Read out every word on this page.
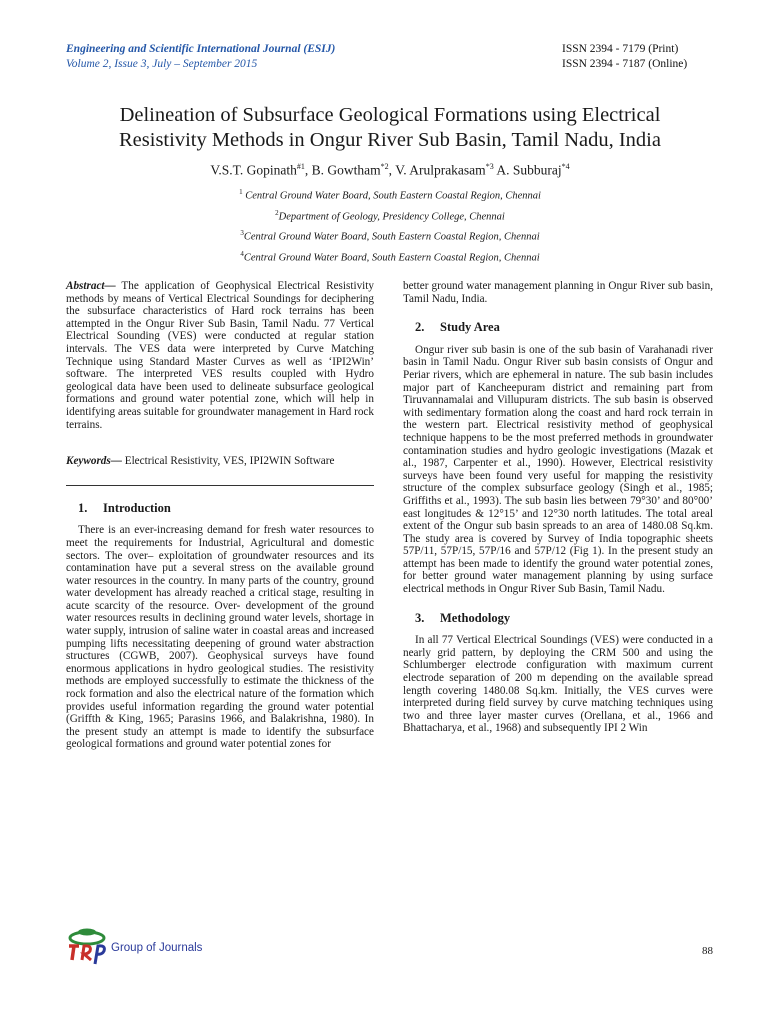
Engineering and Scientific International Journal (ESIJ)
Volume 2, Issue 3, July – September 2015
ISSN 2394 - 7179 (Print)
ISSN 2394 - 7187 (Online)
Delineation of Subsurface Geological Formations using Electrical
Resistivity Methods in Ongur River Sub Basin, Tamil Nadu, India
V.S.T. Gopinath$^{\#1}$, B. Gowtham$^{*2}$, V. Arulprakasam$^{*3}$ A. Subburaj$^{*4}$
$^1$ Central Ground Water Board, South Eastern Coastal Region, Chennai
$^2$Department of Geology, Presidency College, Chennai
$^3$Central Ground Water Board, South Eastern Coastal Region, Chennai
$^4$Central Ground Water Board, South Eastern Coastal Region, Chennai

Abstract— The application of Geophysical Electrical Resistivity methods by means of Vertical Electrical Soundings for deciphering the subsurface characteristics of Hard rock terrains has been attempted in the Ongur River Sub Basin, Tamil Nadu. 77 Vertical Electrical Sounding (VES) were conducted at regular station intervals. The VES data were interpreted by Curve Matching Technique using Standard Master Curves as well as ‘IPI2Win’ software. The interpreted VES results coupled with Hydro geological data have been used to delineate subsurface geological formations and ground water potential zone, which will help in identifying areas suitable for groundwater management in Hard rock terrains.

Keywords— Electrical Resistivity, VES, IPI2WIN Software

1. Introduction

There is an ever-increasing demand for fresh water resources to meet the requirements for Industrial, Agricultural and domestic sectors. The over– exploitation of groundwater resources and its contamination have put a several stress on the available ground water resources in the country. In many parts of the country, ground water development has already reached a critical stage, resulting in acute scarcity of the resource. Over- development of the ground water resources results in declining ground water levels, shortage in water supply, intrusion of saline water in coastal areas and increased pumping lifts necessitating deepening of ground water abstraction structures (CGWB, 2007). Geophysical surveys have found enormous applications in hydro geological studies. The resistivity methods are employed successfully to estimate the thickness of the rock formation and also the electrical nature of the formation which provides useful information regarding the ground water potential (Griffth & King, 1965; Parasins 1966, and Balakrishna, 1980). In the present study an attempt is made to identify the subsurface geological formations and ground water potential zones for

better ground water management planning in Ongur River sub basin, Tamil Nadu, India.

2. Study Area

Ongur river sub basin is one of the sub basin of Varahanadi river basin in Tamil Nadu. Ongur River sub basin consists of Ongur and Periar rivers, which are ephemeral in nature. The sub basin includes major part of Kancheepuram district and remaining part from Tiruvannamalai and Villupuram districts. The sub basin is observed with sedimentary formation along the coast and hard rock terrain in the western part. Electrical resistivity method of geophysical technique happens to be the most preferred methods in groundwater contamination studies and hydro geologic investigations (Mazak et al., 1987, Carpenter et al., 1990). However, Electrical resistivity surveys have been found very useful for mapping the resistivity structure of the complex subsurface geology (Singh et al., 1985; Griffiths et al., 1993). The sub basin lies between 79°30’ and 80°00’ east longitudes & 12°15’ and 12°30 north latitudes. The total areal extent of the Ongur sub basin spreads to an area of 1480.08 Sq.km. The study area is covered by Survey of India topographic sheets 57P/11, 57P/15, 57P/16 and 57P/12 (Fig 1). In the present study an attempt has been made to identify the ground water potential zones, for better ground water management planning by using surface electrical methods in Ongur River Sub Basin, Tamil Nadu.

3. Methodology

In all 77 Vertical Electrical Soundings (VES) were conducted in a nearly grid pattern, by deploying the CRM 500 and using the Schlumberger electrode configuration with maximum current electrode separation of 200 m depending on the available spread length covering 1480.08 Sq.km. Initially, the VES curves were interpreted during field survey by curve matching techniques using two and three layer master curves (Orellana, et al., 1966 and Bhattacharya, et al., 1968) and subsequently IPI 2 Win

Group of Journals	88
